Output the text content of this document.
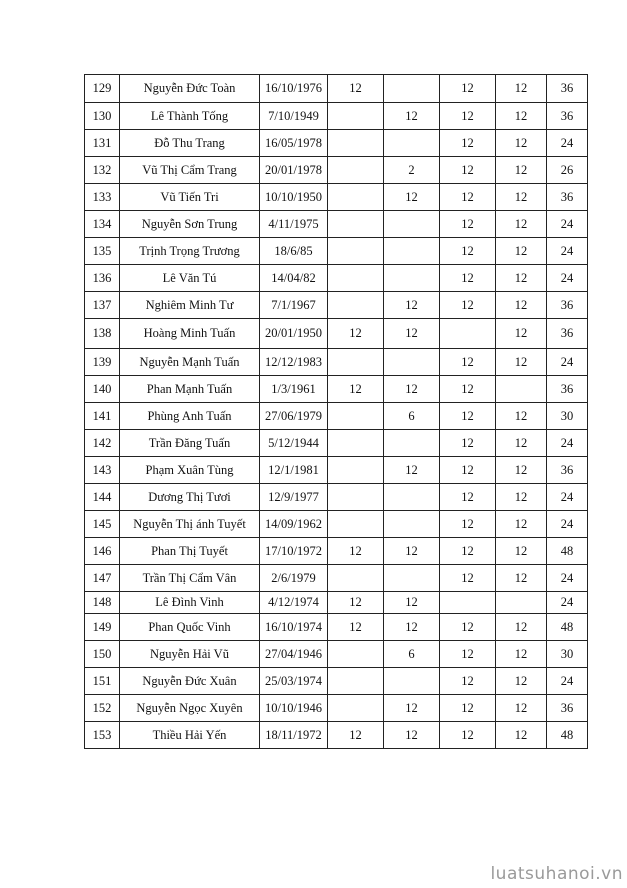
129	Nguyễn Đức Toàn	16/10/1976	12		12	12	36
130	Lê Thành Tống	7/10/1949		12	12	12	36
131	Đỗ Thu Trang	16/05/1978			12	12	24
132	Vũ Thị Cẩm Trang	20/01/1978		2	12	12	26
133	Vũ Tiến Tri	10/10/1950		12	12	12	36
134	Nguyễn Sơn Trung	4/11/1975			12	12	24
135	Trịnh Trọng Trương	18/6/85			12	12	24
136	Lê Văn Tú	14/04/82			12	12	24
137	Nghiêm Minh Tư	7/1/1967		12	12	12	36
138	Hoàng Minh Tuấn	20/01/1950	12	12		12	36
139	Nguyễn Mạnh Tuấn	12/12/1983			12	12	24
140	Phan Mạnh Tuấn	1/3/1961	12	12	12		36
141	Phùng Anh Tuấn	27/06/1979		6	12	12	30
142	Trần Đăng Tuấn	5/12/1944			12	12	24
143	Phạm Xuân Tùng	12/1/1981		12	12	12	36
144	Dương Thị Tươi	12/9/1977			12	12	24
145	Nguyễn Thị ánh Tuyết	14/09/1962			12	12	24
146	Phan Thị Tuyết	17/10/1972	12	12	12	12	48
147	Trần Thị Cẩm Vân	2/6/1979			12	12	24
148	Lê Đình Vinh	4/12/1974	12	12			24
149	Phan Quốc Vinh	16/10/1974	12	12	12	12	48
150	Nguyễn Hải Vũ	27/04/1946		6	12	12	30
151	Nguyễn Đức Xuân	25/03/1974			12	12	24
152	Nguyễn Ngọc Xuyên	10/10/1946		12	12	12	36
153	Thiều Hải Yến	18/11/1972	12	12	12	12	48
luatsuhanoi.vn
